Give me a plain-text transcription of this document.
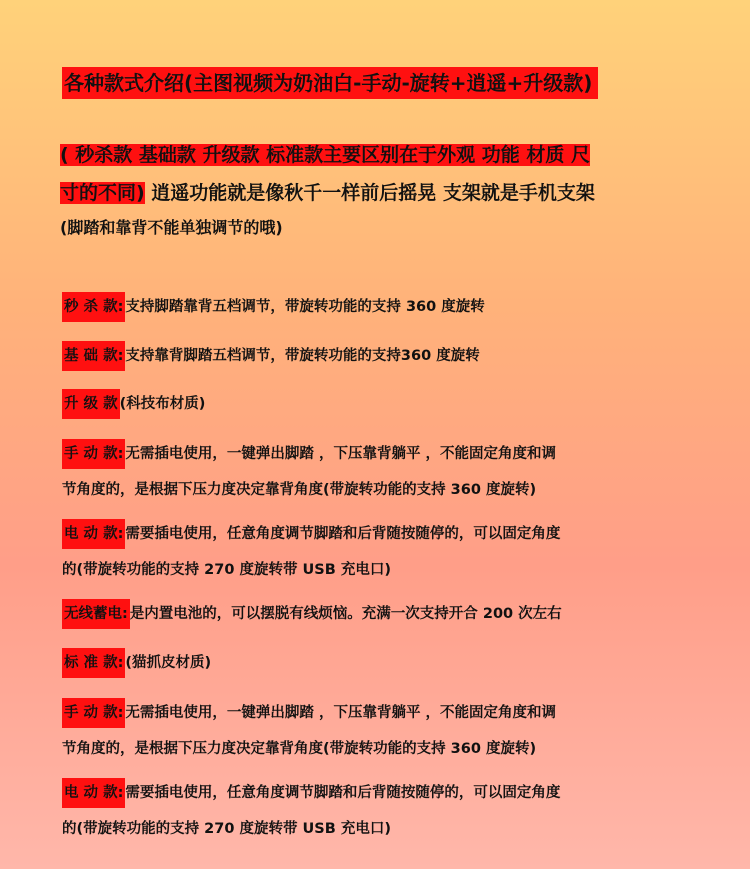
各种款式介绍(主图视频为奶油白-手动-旋转+逍遥+升级款)
( 秒杀款 基础款 升级款 标准款主要区别在于外观 功能 材质 尺
寸的不同) 逍遥功能就是像秋千一样前后摇晃 支架就是手机支架
(脚踏和靠背不能单独调节的哦)
秒 杀 款: 支持脚踏靠背五档调节，带旋转功能的支持 360 度旋转
基 础 款: 支持靠背脚踏五档调节，带旋转功能的支持360 度旋转
升 级 款(科技布材质)
手 动 款: 无需插电使用，一键弹出脚踏 ，下压靠背躺平 ，不能固定角度和调
节角度的，是根据下压力度决定靠背角度(带旋转功能的支持 360 度旋转)
电 动 款: 需要插电使用，任意角度调节脚踏和后背随按随停的，可以固定角度
的(带旋转功能的支持 270 度旋转带 USB 充电口)
无线蓄电: 是内置电池的，可以摆脱有线烦恼。充满一次支持开合 200 次左右
标 准 款: (猫抓皮材质)
手 动 款: 无需插电使用，一键弹出脚踏 ，下压靠背躺平 ，不能固定角度和调
节角度的，是根据下压力度决定靠背角度(带旋转功能的支持 360 度旋转)
电 动 款: 需要插电使用，任意角度调节脚踏和后背随按随停的，可以固定角度
的(带旋转功能的支持 270 度旋转带 USB 充电口)
